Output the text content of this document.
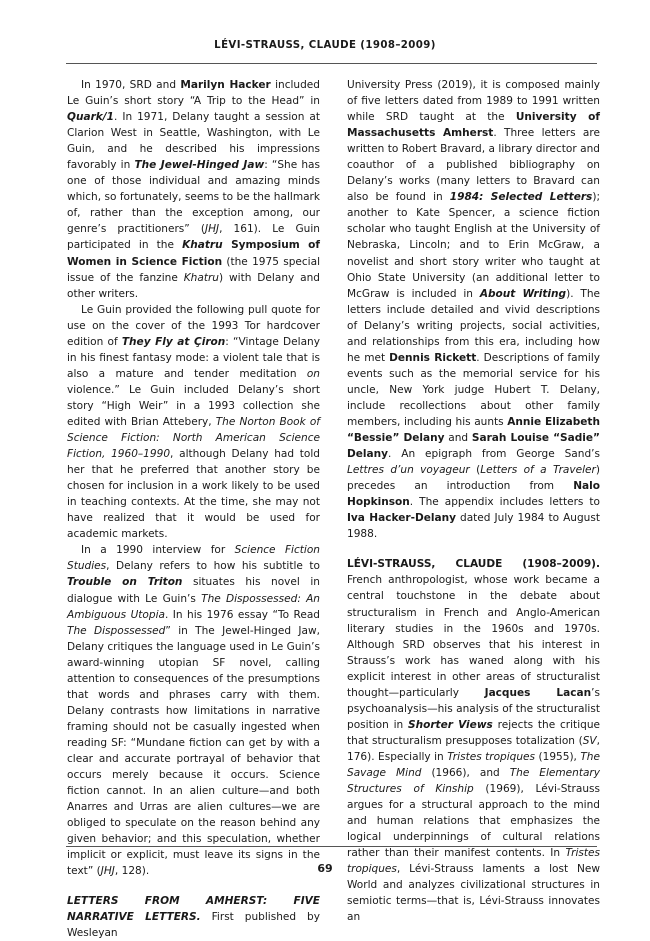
LÉVI-STRAUSS, CLAUDE (1908–2009)

In 1970, SRD and Marilyn Hacker included Le Guin’s short story “A Trip to the Head” in Quark/1. In 1971, Delany taught a session at Clarion West in Seattle, Washington, with Le Guin, and he described his impressions favorably in The Jewel-Hinged Jaw: “She has one of those individual and amazing minds which, so fortunately, seems to be the hallmark of, rather than the exception among, our genre’s practitioners” (JHJ, 161). Le Guin participated in the Khatru Symposium of Women in Science Fiction (the 1975 special issue of the fanzine Khatru) with Delany and other writers.

Le Guin provided the following pull quote for use on the cover of the 1993 Tor hardcover edition of They Fly at Çiron: “Vintage Delany in his finest fantasy mode: a violent tale that is also a mature and tender meditation on violence.” Le Guin included Delany’s short story “High Weir” in a 1993 collection she edited with Brian Attebery, The Norton Book of Science Fiction: North American Science Fiction, 1960–1990, although Delany had told her that he preferred that another story be chosen for inclusion in a work likely to be used in teaching contexts. At the time, she may not have realized that it would be used for academic markets.

In a 1990 interview for Science Fiction Studies, Delany refers to how his subtitle to Trouble on Triton situates his novel in dialogue with Le Guin’s The Dispossessed: An Ambiguous Utopia. In his 1976 essay “To Read The Dispossessed” in The Jewel-Hinged Jaw, Delany critiques the language used in Le Guin’s award-winning utopian SF novel, calling attention to consequences of the presumptions that words and phrases carry with them. Delany contrasts how limitations in narrative framing should not be casually ingested when reading SF: “Mundane fiction can get by with a clear and accurate portrayal of behavior that occurs merely because it occurs. Science fiction cannot. In an alien culture—and both Anarres and Urras are alien cultures—we are obliged to speculate on the reason behind any given behavior; and this speculation, whether implicit or explicit, must leave its signs in the text” (JHJ, 128).

LETTERS FROM AMHERST: FIVE NARRATIVE LETTERS. First published by Wesleyan

University Press (2019), it is composed mainly of five letters dated from 1989 to 1991 written while SRD taught at the University of Massachusetts Amherst. Three letters are written to Robert Bravard, a library director and coauthor of a published bibliography on Delany’s works (many letters to Bravard can also be found in 1984: Selected Letters); another to Kate Spencer, a science fiction scholar who taught English at the University of Nebraska, Lincoln; and to Erin McGraw, a novelist and short story writer who taught at Ohio State University (an additional letter to McGraw is included in About Writing). The letters include detailed and vivid descriptions of Delany’s writing projects, social activities, and relationships from this era, including how he met Dennis Rickett. Descriptions of family events such as the memorial service for his uncle, New York judge Hubert T. Delany, include recollections about other family members, including his aunts Annie Elizabeth “Bessie” Delany and Sarah Louise “Sadie” Delany. An epigraph from George Sand’s Lettres d’un voyageur (Letters of a Traveler) precedes an introduction from Nalo Hopkinson. The appendix includes letters to Iva Hacker-Delany dated July 1984 to August 1988.

LÉVI-STRAUSS, CLAUDE (1908–2009). French anthropologist, whose work became a central touchstone in the debate about structuralism in French and Anglo-American literary studies in the 1960s and 1970s. Although SRD observes that his interest in Strauss’s work has waned along with his explicit interest in other areas of structuralist thought—particularly Jacques Lacan’s psychoanalysis—his analysis of the structuralist position in Shorter Views rejects the critique that structuralism presupposes totalization (SV, 176). Especially in Tristes tropiques (1955), The Savage Mind (1966), and The Elementary Structures of Kinship (1969), Lévi-Strauss argues for a structural approach to the mind and human relations that emphasizes the logical underpinnings of cultural relations rather than their manifest contents. In Tristes tropiques, Lévi-Strauss laments a lost New World and analyzes civilizational structures in semiotic terms—that is, Lévi-Strauss innovates an

69
